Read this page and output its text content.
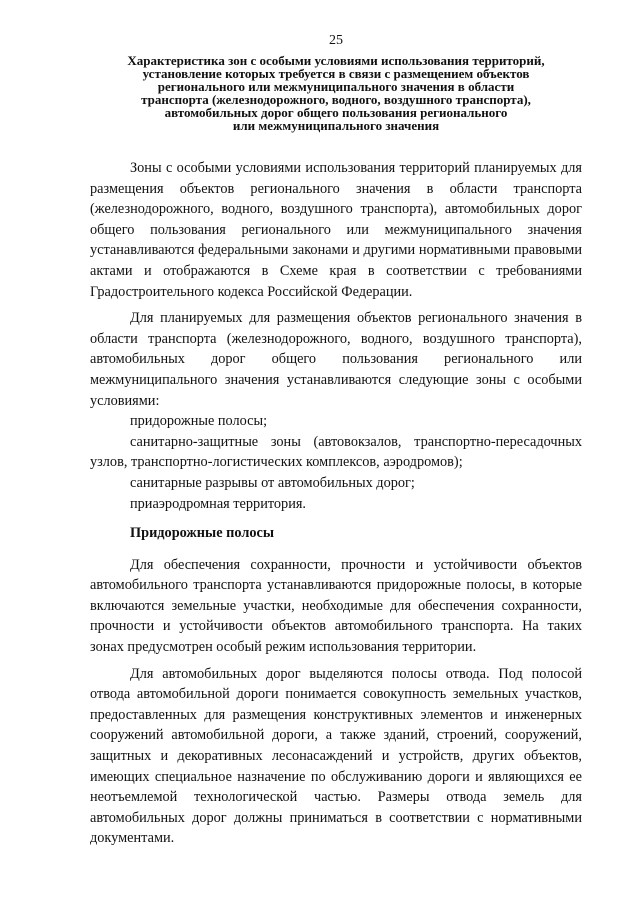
25
Характеристика зон с особыми условиями использования территорий,
установление которых требуется в связи с размещением объектов
регионального или межмуниципального значения в области
транспорта (железнодорожного, водного, воздушного транспорта),
автомобильных дорог общего пользования регионального
или межмуниципального значения

Зоны с особыми условиями использования территорий планируемых для размещения объектов регионального значения в области транспорта (железнодорожного, водного, воздушного транспорта), автомобильных дорог общего пользования регионального или межмуниципального значения устанавливаются федеральными законами и другими нормативными правовыми актами и отображаются в Схеме края в соответствии с требованиями Градостроительного кодекса Российской Федерации.

Для планируемых для размещения объектов регионального значения в области транспорта (железнодорожного, водного, воздушного транспорта), автомобильных дорог общего пользования регионального или межмуниципального значения устанавливаются следующие зоны с особыми условиями:

придорожные полосы;

санитарно-защитные зоны (автовокзалов, транспортно-пересадочных узлов, транспортно-логистических комплексов, аэродромов);

санитарные разрывы от автомобильных дорог;

приаэродромная территория.

Придорожные полосы

Для обеспечения сохранности, прочности и устойчивости объектов автомобильного транспорта устанавливаются придорожные полосы, в которые включаются земельные участки, необходимые для обеспечения сохранности, прочности и устойчивости объектов автомобильного транспорта. На таких зонах предусмотрен особый режим использования территории.

Для автомобильных дорог выделяются полосы отвода. Под полосой отвода автомобильной дороги понимается совокупность земельных участков, предоставленных для размещения конструктивных элементов и инженерных сооружений автомобильной дороги, а также зданий, строений, сооружений, защитных и декоративных лесонасаждений и устройств, других объектов, имеющих специальное назначение по обслуживанию дороги и являющихся ее неотъемлемой технологической частью. Размеры отвода земель для автомобильных дорог должны приниматься в соответствии с нормативными документами.
